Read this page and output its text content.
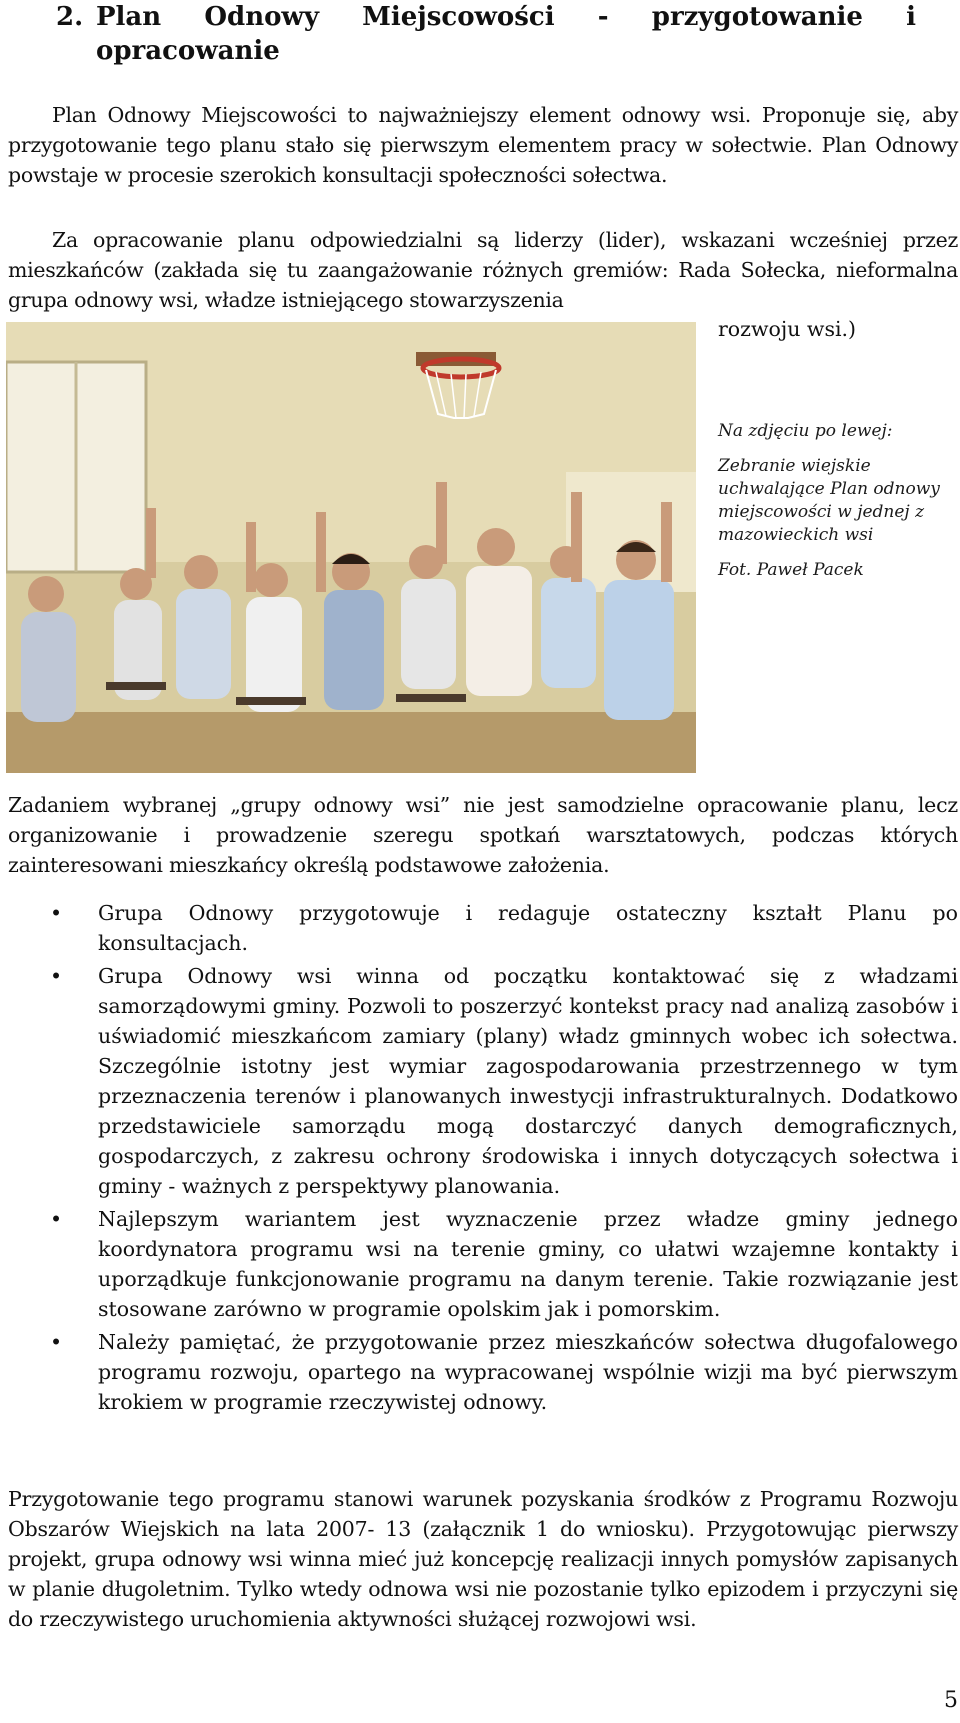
2. Plan Odnowy Miejscowości - przygotowanie i opracowanie

Plan Odnowy Miejscowości to najważniejszy element odnowy wsi. Proponuje się, aby przygotowanie tego planu stało się pierwszym elementem pracy w sołectwie. Plan Odnowy powstaje w procesie szerokich konsultacji społeczności sołectwa.

Za opracowanie planu odpowiedzialni są liderzy (lider), wskazani wcześniej przez mieszkańców (zakłada się tu zaangażowanie różnych gremiów: Rada Sołecka, nieformalna grupa odnowy wsi, władze istniejącego stowarzyszenia

rozwoju wsi.)

Na zdjęciu po lewej:

Zebranie wiejskie uchwalające Plan odnowy miejscowości w jednej z mazowieckich wsi

Fot. Paweł Pacek

Zadaniem wybranej „grupy odnowy wsi” nie jest samodzielne opracowanie planu, lecz organizowanie i prowadzenie szeregu spotkań warsztatowych, podczas których zainteresowani mieszkańcy określą podstawowe założenia.

• Grupa Odnowy przygotowuje i redaguje ostateczny kształt Planu po konsultacjach.
• Grupa Odnowy wsi winna od początku kontaktować się z władzami samorządowymi gminy. Pozwoli to poszerzyć kontekst pracy nad analizą zasobów i uświadomić mieszkańcom zamiary (plany) władz gminnych wobec ich sołectwa. Szczególnie istotny jest wymiar zagospodarowania przestrzennego w tym przeznaczenia terenów i planowanych inwestycji infrastrukturalnych. Dodatkowo przedstawiciele samorządu mogą dostarczyć danych demograficznych, gospodarczych, z zakresu ochrony środowiska i innych dotyczących sołectwa i gminy - ważnych z perspektywy planowania.
• Najlepszym wariantem jest wyznaczenie przez władze gminy jednego koordynatora programu wsi na terenie gminy, co ułatwi wzajemne kontakty i uporządkuje funkcjonowanie programu na danym terenie. Takie rozwiązanie jest stosowane zarówno w programie opolskim jak i pomorskim.
• Należy pamiętać, że przygotowanie przez mieszkańców sołectwa długofalowego programu rozwoju, opartego na wypracowanej wspólnie wizji ma być pierwszym krokiem w programie rzeczywistej odnowy.

Przygotowanie tego programu stanowi warunek pozyskania środków z Programu Rozwoju Obszarów Wiejskich na lata 2007- 13 (załącznik 1 do wniosku). Przygotowując pierwszy projekt, grupa odnowy wsi winna mieć już koncepcję realizacji innych pomysłów zapisanych w planie długoletnim. Tylko wtedy odnowa wsi nie pozostanie tylko epizodem i przyczyni się do rzeczywistego uruchomienia aktywności służącej rozwojowi wsi.

5
